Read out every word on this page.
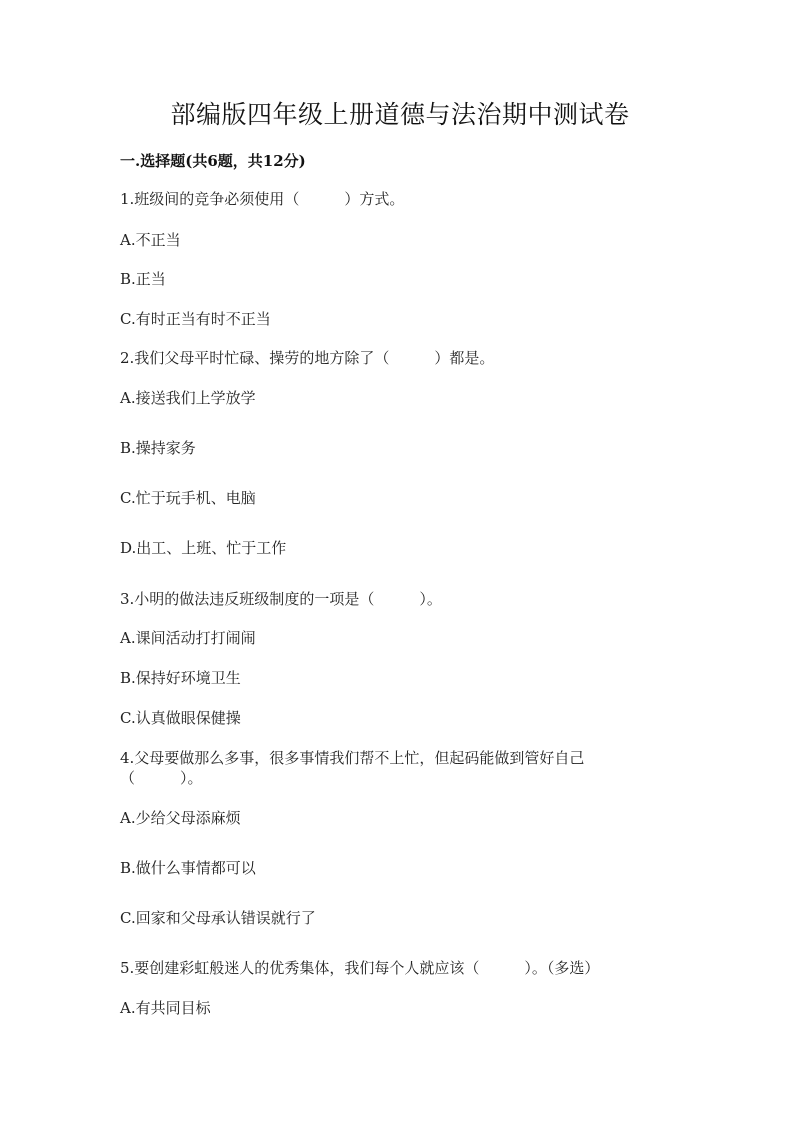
部编版四年级上册道德与法治期中测试卷
一.选择题(共6题，共12分)
1.班级间的竞争必须使用（　　　）方式。
A.不正当
B.正当
C.有时正当有时不正当
2.我们父母平时忙碌、操劳的地方除了（　　　）都是。
A.接送我们上学放学
B.操持家务
C.忙于玩手机、电脑
D.出工、上班、忙于工作
3.小明的做法违反班级制度的一项是（　　　）。
A.课间活动打打闹闹
B.保持好环境卫生
C.认真做眼保健操
4.父母要做那么多事，很多事情我们帮不上忙，但起码能做到管好自己
（　　　）。
A.少给父母添麻烦
B.做什么事情都可以
C.回家和父母承认错误就行了
5.要创建彩虹般迷人的优秀集体，我们每个人就应该（　　　）。（多选）
A.有共同目标
